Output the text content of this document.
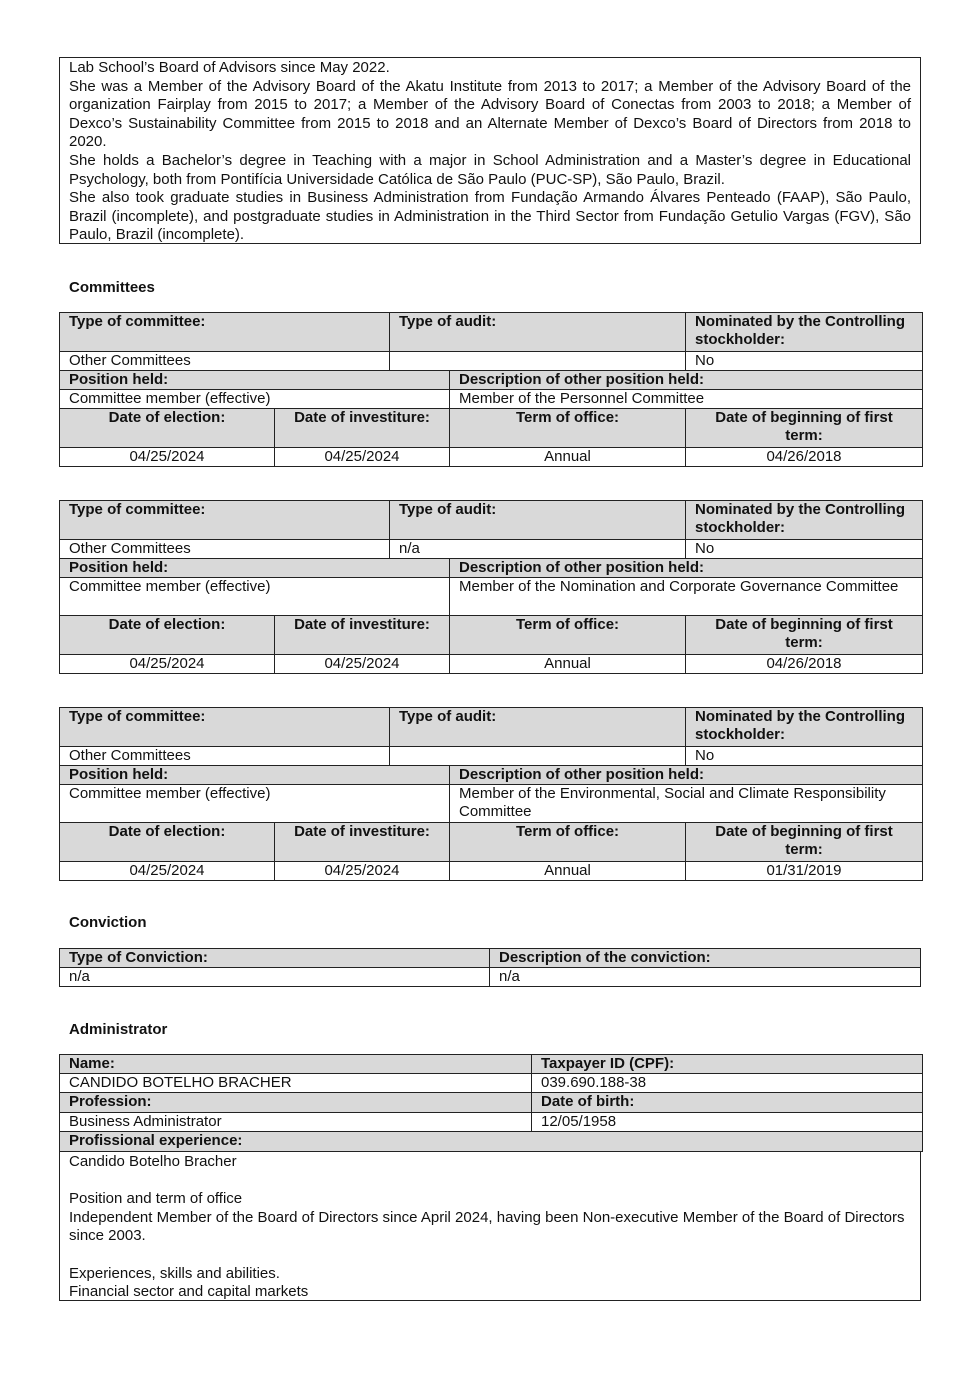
Lab School’s Board of Advisors since May 2022.

She was a Member of the Advisory Board of the Akatu Institute from 2013 to 2017; a Member of the Advisory Board of the organization Fairplay from 2015 to 2017; a Member of the Advisory Board of Conectas from 2003 to 2018; a Member of Dexco’s Sustainability Committee from 2015 to 2018 and an Alternate Member of Dexco’s Board of Directors from 2018 to 2020.

She holds a Bachelor’s degree in Teaching with a major in School Administration and a Master’s degree in Educational Psychology, both from Pontifícia Universidade Católica de São Paulo (PUC-SP), São Paulo, Brazil.

She also took graduate studies in Business Administration from Fundação Armando Álvares Penteado (FAAP), São Paulo, Brazil (incomplete), and postgraduate studies in Administration in the Third Sector from Fundação Getulio Vargas (FGV), São Paulo, Brazil (incomplete).

Committees
Type of committee:		Type of audit:		Nominated by the Controlling stockholder:
Other Committees				No
Position held:			Description of other position held:	
Committee member (effective)			Member of the Personnel Committee	
Date of election:	Date of investiture:		Term of office:	Date of beginning of first term:
04/25/2024	04/25/2024		Annual	04/26/2018
Type of committee:		Type of audit:		Nominated by the Controlling stockholder:
Other Committees		n/a		No
Position held:			Description of other position held:	
Committee member (effective)			Member of the Nomination and Corporate Governance Committee	
Date of election:	Date of investiture:		Term of office:	Date of beginning of first term:
04/25/2024	04/25/2024		Annual	04/26/2018
Type of committee:		Type of audit:		Nominated by the Controlling stockholder:
Other Committees				No
Position held:			Description of other position held:	
Committee member (effective)			Member of the Environmental, Social and Climate Responsibility Committee	
Date of election:	Date of investiture:		Term of office:	Date of beginning of first term:
04/25/2024	04/25/2024		Annual	01/31/2019
Conviction
Type of Conviction:	Description of the conviction:
n/a	n/a
Administrator
Name:	Taxpayer ID (CPF):
CANDIDO BOTELHO BRACHER	039.690.188-38
Profession:	Date of birth:
Business Administrator	12/05/1958
Profissional experience:	

Candido Botelho Bracher

Position and term of office

Independent Member of the Board of Directors since April 2024, having been Non-executive Member of the Board of Directors since 2003.

Experiences, skills and abilities.

Financial sector and capital markets
